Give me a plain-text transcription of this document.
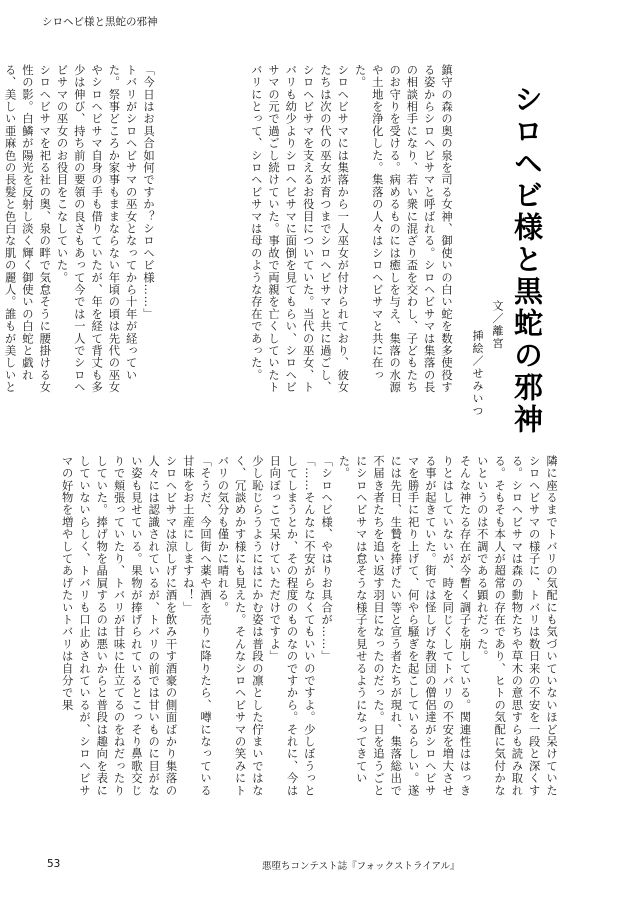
シロヘビ様と黒蛇の邪神
シロヘビ様と黒蛇の邪神
文／離宮
挿絵／せみいつ

鎮守の森の奥の泉を司る女神、御使いの白い蛇を数多使役する姿からシロヘビサマと呼ばれる。シロヘビサマは集落の長の相談相手になり、若い衆に混ざり盃を交わし、子どもたちのお守りを受ける。病めるものには癒しを与え、集落の水源や土地を浄化した。集落の人々はシロヘビサマと共に在った。

シロヘビサマには集落から一人巫女が付けられており、彼女たちは次の代の巫女が育つまでシロヘビサマと共に過ごし、シロヘビサマを支えるお役目についていた。当代の巫女、トバリも幼少よりシロヘビサマに面倒を見てもらい、シロヘビサマの元で過ごし続けていた。事故で両親を亡くしていたトバリにとって、シロヘビサマは母のような存在であった。

「今日はお具合如何ですか？シロヘビ様……」

トバリがシロヘビサマの巫女となってから十年が経っていた。祭事どころか家事もままならない年頃の頃は先代の巫女やシロヘビサマ自身の手も借りていたが、年を経て背丈も多少は伸び、持ち前の要領の良さもあって今では一人でシロヘビサマの巫女のお役目をこなしていた。

シロヘビサマを祀る社の奥、泉の畔で気怠そうに腰掛ける女性の影。白鱗が陽光を反射し淡く輝く御使いの白蛇と戯れる、美しい亜麻色の長髪と色白な肌の麗人。誰もが美しいと

隣に座るまでトバリの気配にも気づいていないほど呆けていたシロヘビサマの様子に、トバリは数日来の不安を一段と深くする。シロヘビサマは森の動物たちや草木の意思すらも読み取れる。そもそも本人が超常の存在であり、ヒトの気配に気付かないというのは不調である顕れだった。

そんな神たる存在が今暫く調子を崩している。関連性ははっきりとはしていないが、時を同じくしてトバリの不安を増大させる事が起きていた。街では怪しげな教団の僧侶達がシロヘビサマを勝手に祀り上げて、何やら騒ぎを起こしているらしい。遂には先日、生贄を捧げたい等と宣う者たちが現れ、集落総出で不届き者たちを追い返す羽目になったのだった。日を追うごとにシロヘビサマは怠そうな様子を見せるようになってきていた。

「シロヘビ様、やはりお具合が……」

「……そんなに不安がらなくてもいいのですよ。少しぼうっとしてしまうとか、その程度のものなのですから。それに、今は日向ぼっこで呆けていただけですよ」

少し恥じらうようにはにかむ姿は普段の凛とした佇まいではなく、冗談めかす様にも見えた。そんなシロヘビサマの笑みにトバリの気分も僅かに晴れる。

「そうだ、今回街へ薬や酒を売りに降りたら、噂になっている甘味をお土産にしますね！」

シロヘビサマは涼しげに酒を飲み干す酒豪の側面ばかり集落の人々には認識されているが、トバリの前では甘いものに目がない姿も見せている。果物が捧げられているとこっそり鼻歌交じりで頬張っていたり、トバリが甘味に仕立てるのをねだったりしていた。捧げ物を晶屓するのは悪いからと普段は趣向を表にしていないらしく、トバリも口止めされているが、シロヘビサマの好物を増やしてあげたいトバリは自分で果

53	悪堕ちコンテスト誌『フォックストライアル』
